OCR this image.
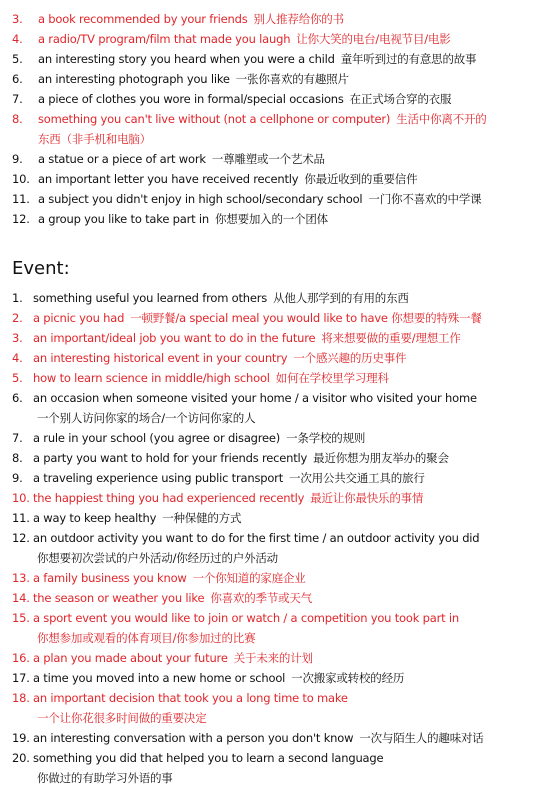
3. a book recommended by your friends 别人推荐给你的书
4. a radio/TV program/film that made you laugh 让你大笑的电台/电视节目/电影
5. an interesting story you heard when you were a child 童年听到过的有意思的故事
6. an interesting photograph you like 一张你喜欢的有趣照片
7. a piece of clothes you wore in formal/special occasions 在正式场合穿的衣服
8. something you can't live without (not a cellphone or computer) 生活中你离不开的
东西（非手机和电脑）
9. a statue or a piece of art work 一尊雕塑或一个艺术品
10. an important letter you have received recently 你最近收到的重要信件
11. a subject you didn't enjoy in high school/secondary school 一门你不喜欢的中学课
12. a group you like to take part in 你想要加入的一个团体
Event:
1. something useful you learned from others 从他人那学到的有用的东西
2. a picnic you had 一顿野餐/a special meal you would like to have 你想要的特殊一餐
3. an important/ideal job you want to do in the future 将来想要做的重要/理想工作
4. an interesting historical event in your country 一个感兴趣的历史事件
5. how to learn science in middle/high school 如何在学校里学习理科
6. an occasion when someone visited your home / a visitor who visited your home
一个别人访问你家的场合/一个访问你家的人
7. a rule in your school (you agree or disagree) 一条学校的规则
8. a party you want to hold for your friends recently 最近你想为朋友举办的聚会
9. a traveling experience using public transport 一次用公共交通工具的旅行
10. the happiest thing you had experienced recently 最近让你最快乐的事情
11. a way to keep healthy 一种保健的方式
12. an outdoor activity you want to do for the first time / an outdoor activity you did
你想要初次尝试的户外活动/你经历过的户外活动
13. a family business you know 一个你知道的家庭企业
14. the season or weather you like 你喜欢的季节或天气
15. a sport event you would like to join or watch / a competition you took part in
你想参加或观看的体育项目/你参加过的比赛
16. a plan you made about your future 关于未来的计划
17. a time you moved into a new home or school 一次搬家或转校的经历
18. an important decision that took you a long time to make
一个让你花很多时间做的重要决定
19. an interesting conversation with a person you don't know 一次与陌生人的趣味对话
20. something you did that helped you to learn a second language
你做过的有助学习外语的事
